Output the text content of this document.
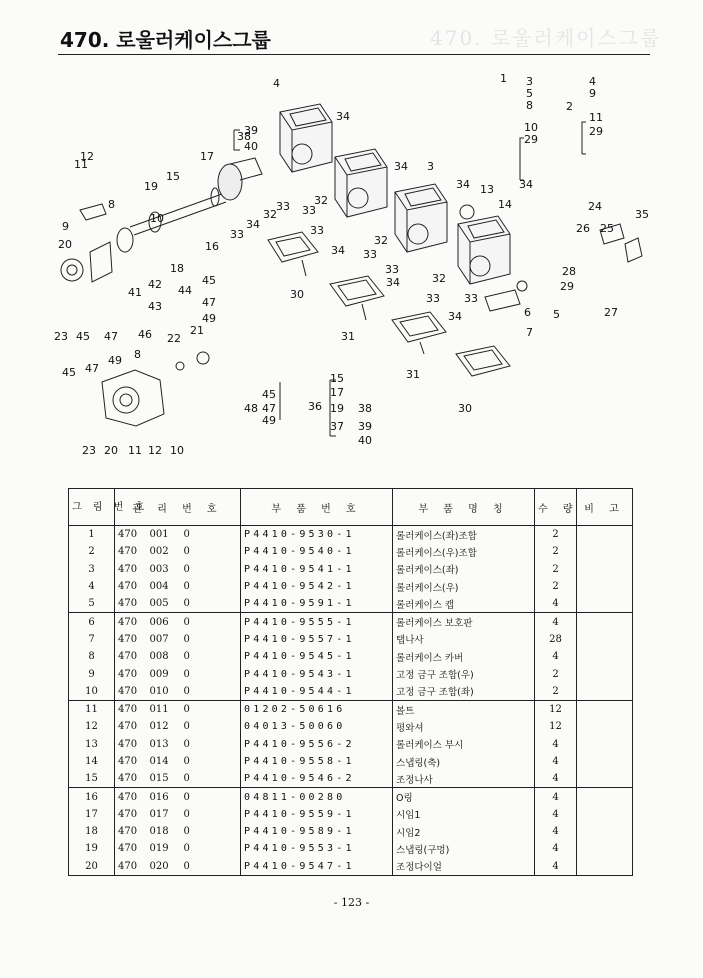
470. 로울러케이스그룹
470. 로울러케이스그룹
4
34
38
39
40
17
11
12
19
15
8
9
20
10
16
18
33
34
32
33 32
33
33
34
32
33
33
34	32
33 33
34
34 3
34 13 34
14
1 3
5
8
10
29
2
4
9
11
29
24
26 25
35
28
29
27
6
7
5
30
31
31
30
41
42
43
44
45
47
49
23 45 47 46 22
21
49 8
45 47
48
45
47
49
36
15
17
19
37
38
39
40
23 20 11 12 10
그 림 번 호	관 리 번 호			부 품 번 호	부 품 명 칭	수 량	비 고
1	470	001	0	P4410-9530-1	롤러케이스(좌)조합	2	
2	470	002	0	P4410-9540-1	롤러케이스(우)조합	2	
3	470	003	0	P4410-9541-1	롤러케이스(좌)	2	
4	470	004	0	P4410-9542-1	롤러케이스(우)	2	
5	470	005	0	P4410-9591-1	롤러케이스 캡	4	
6	470	006	0	P4410-9555-1	롤러케이스 보호판	4	
7	470	007	0	P4410-9557-1	탭나사	28	
8	470	008	0	P4410-9545-1	롤러케이스 카버	4	
9	470	009	0	P4410-9543-1	고정 금구 조합(우)	2	
10	470	010	0	P4410-9544-1	고정 금구 조합(좌)	2	
11	470	011	0	01202-50616	볼트	12	
12	470	012	0	04013-50060	평와셔	12	
13	470	013	0	P4410-9556-2	롤러케이스 부시	4	
14	470	014	0	P4410-9558-1	스냅링(축)	4	
15	470	015	0	P4410-9546-2	조정나사	4	
16	470	016	0	04811-00280	O링	4	
17	470	017	0	P4410-9559-1	시임1	4	
18	470	018	0	P4410-9589-1	시임2	4	
19	470	019	0	P4410-9553-1	스냅링(구멍)	4	
20	470	020	0	P4410-9547-1	조정다이얼	4	
- 123 -
